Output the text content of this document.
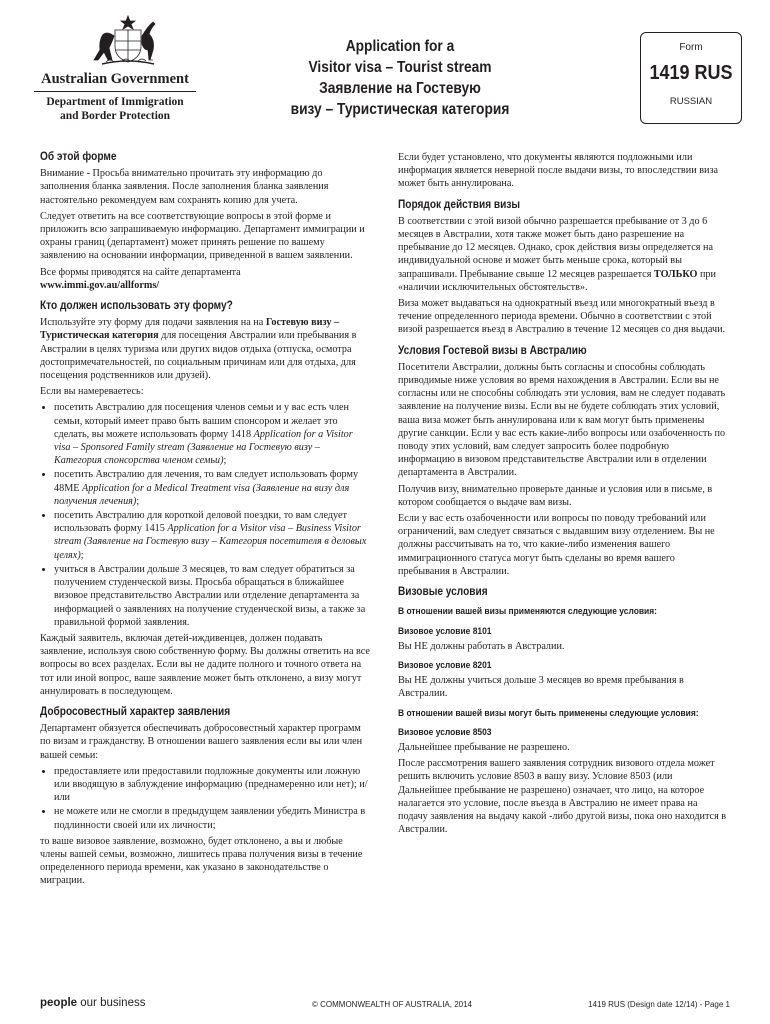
Australian Government
Department of Immigration
and Border Protection
Application for a
Visitor visa – Tourist stream
Заявление на Гостевую
визу – Туристическая категория
Form
1419 RUS
RUSSIAN
Об этой форме

Внимание - Просьба внимательно прочитать эту информацию до заполнения бланка заявления. После заполнения бланка заявления настоятельно рекомендуем вам сохранять копию для учета.

Следует ответить на все соответствующие вопросы в этой форме и приложить всю запрашиваемую информацию. Департамент иммиграции и охраны границ (департамент) может принять решение по вашему заявлению на основании информации, приведенной в вашем заявлении.

Все формы приводятся на сайте департамента
www.immi.gov.au/allforms/

Кто должен использовать эту форму?

Используйте эту форму для подачи заявления на на Гостевую визу – Туристическая категория для посещения Австралии или пребывания в Австралии в целях туризма или других видов отдыха (отпуска, осмотра достопримечательностей, по социальным причинам или для отдыха, для посещения родственников или друзей).

Если вы намереваетесь:

• посетить Австралию для посещения членов семьи и у вас есть член семьи, который имеет право быть вашим спонсором и желает это сделать, вы можете использовать форму 1418 Application for a Visitor visa – Sponsored Family stream (Заявление на Гостевую визу – Категория спонсорства членом семьи);
• посетить Австралию для лечения, то вам следует использовать форму 48ME Application for a Medical Treatment visa (Заявление на визу для получения лечения);
• посетить Австралию для короткой деловой поездки, то вам следует использовать форму 1415 Application for a Visitor visa – Business Visitor stream (Заявление на Гостевую визу – Категория посетителя в деловых целях);
• учиться в Австралии дольше 3 месяцев, то вам следует обратиться за получением студенческой визы. Просьба обращаться в ближайшее визовое представительство Австралии или отделение департамента за информацией о заявлениях на получение студенческой визы, а также за правильной формой заявления.

Каждый заявитель, включая детей-иждивенцев, должен подавать заявление, используя свою собственную форму. Вы должны ответить на все вопросы во всех разделах. Если вы не дадите полного и точного ответа на тот или иной вопрос, ваше заявление может быть отклонено, а визу могут аннулировать в последующем.

Добросовестный характер заявления

Департамент обязуется обеспечивать добросовестный характер программ по визам и гражданству. В отношении вашего заявления если вы или член вашей семьи:

• предоставляете или предоставили подложные документы или ложную или вводящую в заблуждение информацию (преднамеренно или нет); и/или
• не можете или не смогли в предыдущем заявлении убедить Министра в подлинности своей или их личности;

то ваше визовое заявление, возможно, будет отклонено, а вы и любые члены вашей семьи, возможно, лишитесь права получения визы в течение определенного периода времени, как указано в законодательстве о миграции.

Если будет установлено, что документы являются подложными или информация является неверной после выдачи визы, то впоследствии виза может быть аннулирована.

Порядок действия визы

В соответствии с этой визой обычно разрешается пребывание от 3 до 6 месяцев в Австралии, хотя также может быть дано разрешение на пребывание до 12 месяцев. Однако, срок действия визы определяется на индивидуальной основе и может быть меньше срока, который вы запрашивали. Пребывание свыше 12 месяцев разрешается ТОЛЬКО при «наличии исключительных обстоятельств».

Виза может выдаваться на однократный въезд или многократный въезд в течение определенного периода времени. Обычно в соответствии с этой визой разрешается въезд в Австралию в течение 12 месяцев со дня выдачи.

Условия Гостевой визы в Австралию

Посетители Австралии, должны быть согласны и способны соблюдать приводимые ниже условия во время нахождения в Австралии. Если вы не согласны или не способны соблюдать эти условия, вам не следует подавать заявление на получение визы. Если вы не будете соблюдать этих условий, ваша виза может быть аннулирована или к вам могут быть применены другие санкции. Если у вас есть какие-либо вопросы или озабоченность по поводу этих условий, вам следует запросить более подробную информацию в визовом представительстве Австралии или в отделении департамента в Австралии.

Получив визу, внимательно проверьте данные и условия или в письме, в котором сообщается о выдаче вам визы.

Если у вас есть озабоченности или вопросы по поводу требований или ограничений, вам следует связаться с выдавшим визу отделением. Вы не должны рассчитывать на то, что какие-либо изменения вашего иммиграционного статуса могут быть сделаны во время вашего пребывания в Австралии.

Визовые условия
В отношении вашей визы применяются следующие условия:
Визовое условие 8101

Вы НЕ должны работать в Австралии.

Визовое условие 8201

Вы НЕ должны учиться дольше 3 месяцев во время пребывания в Австралии.

В отношении вашей визы могут быть применены следующие условия:
Визовое условие 8503

Дальнейшее пребывание не разрешено.

После рассмотрения вашего заявления сотрудник визового отдела может решить включить условие 8503 в вашу визу. Условие 8503 (или Дальнейшее пребывание не разрешено) означает, что лицо, на которое налагается это условие, после въезда в Австралию не имеет права на подачу заявления на выдачу какой -либо другой визы, пока оно находится в Австралии.

people our business	© COMMONWEALTH OF AUSTRALIA, 2014	1419 RUS (Design date 12/14) - Page 1
